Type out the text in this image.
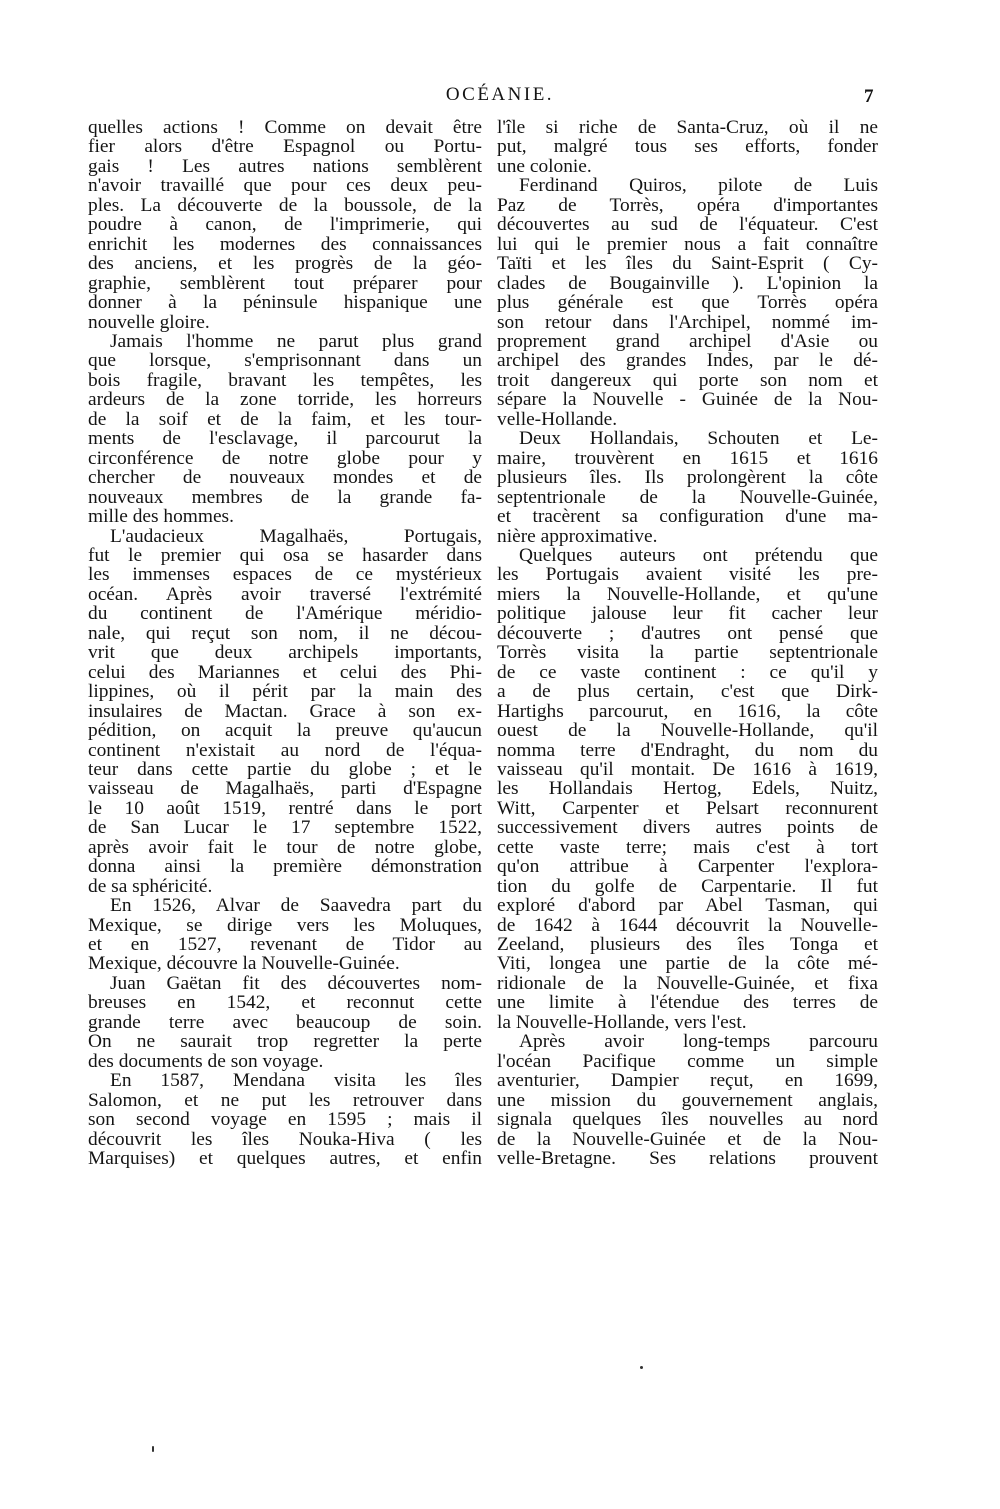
OCÉANIE.	7
quelles actions ! Comme on devait être
fier alors d'être Espagnol ou Portu-
gais ! Les autres nations semblèrent
n'avoir travaillé que pour ces deux peu-
ples. La découverte de la boussole, de la
poudre à canon, de l'imprimerie, qui
enrichit les modernes des connaissances
des anciens, et les progrès de la géo-
graphie, semblèrent tout préparer pour
donner à la péninsule hispanique une
nouvelle gloire.
Jamais l'homme ne parut plus grand
que lorsque, s'emprisonnant dans un
bois fragile, bravant les tempêtes, les
ardeurs de la zone torride, les horreurs
de la soif et de la faim, et les tour-
ments de l'esclavage, il parcourut la
circonférence de notre globe pour y
chercher de nouveaux mondes et de
nouveaux membres de la grande fa-
mille des hommes.
L'audacieux Magalhaës, Portugais,
fut le premier qui osa se hasarder dans
les immenses espaces de ce mystérieux
océan. Après avoir traversé l'extrémité
du continent de l'Amérique méridio-
nale, qui reçut son nom, il ne décou-
vrit que deux archipels importants,
celui des Mariannes et celui des Phi-
lippines, où il périt par la main des
insulaires de Mactan. Grace à son ex-
pédition, on acquit la preuve qu'aucun
continent n'existait au nord de l'équa-
teur dans cette partie du globe ; et le
vaisseau de Magalhaës, parti d'Espagne
le 10 août 1519, rentré dans le port
de San Lucar le 17 septembre 1522,
après avoir fait le tour de notre globe,
donna ainsi la première démonstration
de sa sphéricité.
En 1526, Alvar de Saavedra part du
Mexique, se dirige vers les Moluques,
et en 1527, revenant de Tidor au
Mexique, découvre la Nouvelle-Guinée.
Juan Gaëtan fit des découvertes nom-
breuses en 1542, et reconnut cette
grande terre avec beaucoup de soin.
On ne saurait trop regretter la perte
des documents de son voyage.
En 1587, Mendana visita les îles
Salomon, et ne put les retrouver dans
son second voyage en 1595 ; mais il
découvrit les îles Nouka-Hiva ( les
Marquises) et quelques autres, et enfin
l'île si riche de Santa-Cruz, où il ne
put, malgré tous ses efforts, fonder
une colonie.
Ferdinand Quiros, pilote de Luis
Paz de Torrès, opéra d'importantes
découvertes au sud de l'équateur. C'est
lui qui le premier nous a fait connaître
Taïti et les îles du Saint-Esprit ( Cy-
clades de Bougainville ). L'opinion la
plus générale est que Torrès opéra
son retour dans l'Archipel, nommé im-
proprement grand archipel d'Asie ou
archipel des grandes Indes, par le dé-
troit dangereux qui porte son nom et
sépare la Nouvelle - Guinée de la Nou-
velle-Hollande.
Deux Hollandais, Schouten et Le-
maire, trouvèrent en 1615 et 1616
plusieurs îles. Ils prolongèrent la côte
septentrionale de la Nouvelle-Guinée,
et tracèrent sa configuration d'une ma-
nière approximative.
Quelques auteurs ont prétendu que
les Portugais avaient visité les pre-
miers la Nouvelle-Hollande, et qu'une
politique jalouse leur fit cacher leur
découverte ; d'autres ont pensé que
Torrès visita la partie septentrionale
de ce vaste continent : ce qu'il y
a de plus certain, c'est que Dirk-
Hartighs parcourut, en 1616, la côte
ouest de la Nouvelle-Hollande, qu'il
nomma terre d'Endraght, du nom du
vaisseau qu'il montait. De 1616 à 1619,
les Hollandais Hertog, Edels, Nuitz,
Witt, Carpenter et Pelsart reconnurent
successivement divers autres points de
cette vaste terre; mais c'est à tort
qu'on attribue à Carpenter l'explora-
tion du golfe de Carpentarie. Il fut
exploré d'abord par Abel Tasman, qui
de 1642 à 1644 découvrit la Nouvelle-
Zeeland, plusieurs des îles Tonga et
Viti, longea une partie de la côte mé-
ridionale de la Nouvelle-Guinée, et fixa
une limite à l'étendue des terres de
la Nouvelle-Hollande, vers l'est.
Après avoir long-temps parcouru
l'océan Pacifique comme un simple
aventurier, Dampier reçut, en 1699,
une mission du gouvernement anglais,
signala quelques îles nouvelles au nord
de la Nouvelle-Guinée et de la Nou-
velle-Bretagne. Ses relations prouvent
